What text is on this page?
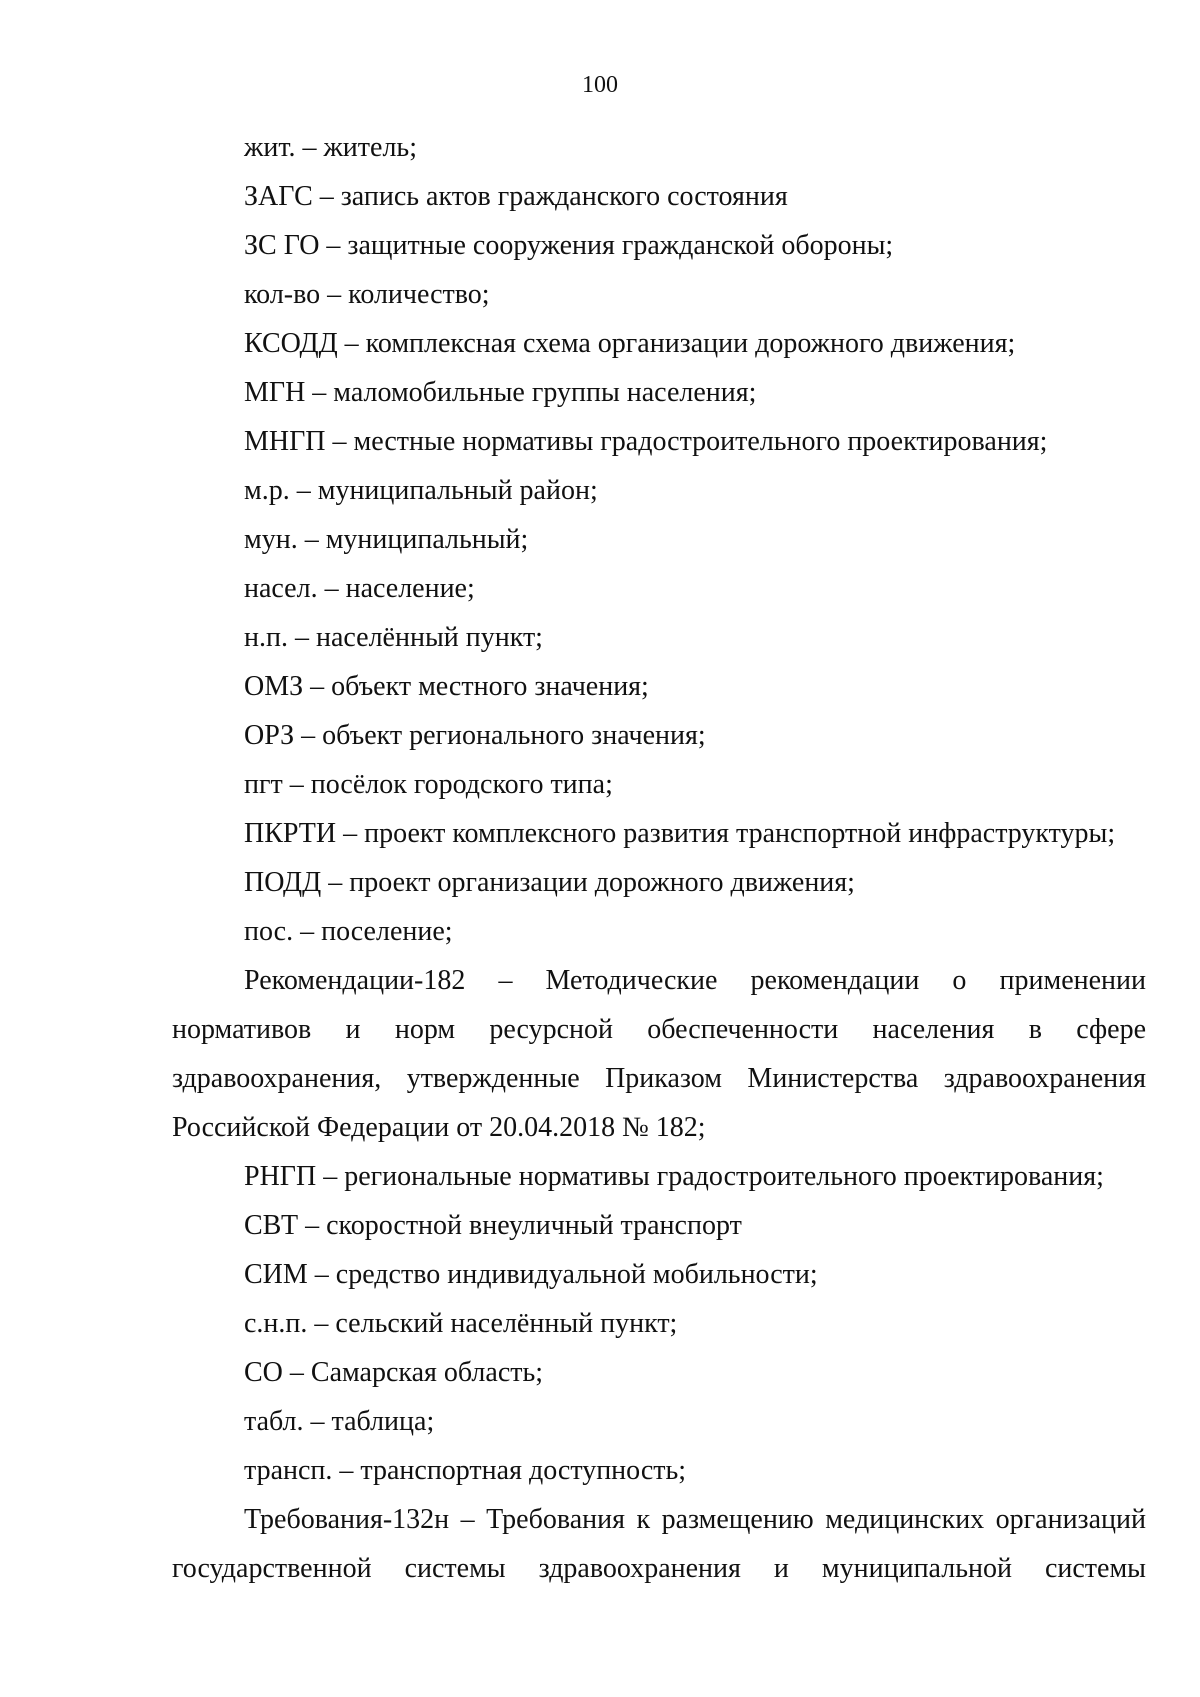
100

жит. – житель;

ЗАГС – запись актов гражданского состояния

ЗС ГО – защитные сооружения гражданской обороны;

кол-во – количество;

КСОДД – комплексная схема организации дорожного движения;

МГН – маломобильные группы населения;

МНГП – местные нормативы градостроительного проектирования;

м.р. – муниципальный район;

мун. – муниципальный;

насел. – население;

н.п. – населённый пункт;

ОМЗ – объект местного значения;

ОРЗ – объект регионального значения;

пгт – посёлок городского типа;

ПКРТИ – проект комплексного развития транспортной инфраструктуры;

ПОДД – проект организации дорожного движения;

пос. – поселение;

Рекомендации-182 – Методические рекомендации о применении нормативов и норм ресурсной обеспеченности населения в сфере здравоохранения, утвержденные Приказом Министерства здравоохранения Российской Федерации от 20.04.2018 № 182;

РНГП – региональные нормативы градостроительного проектирования;

СВТ – скоростной внеуличный транспорт

СИМ – средство индивидуальной мобильности;

с.н.п. – сельский населённый пункт;

СО – Самарская область;

табл. – таблица;

трансп. – транспортная доступность;

Требования-132н – Требования к размещению медицинских организаций государственной системы здравоохранения и муниципальной системы
